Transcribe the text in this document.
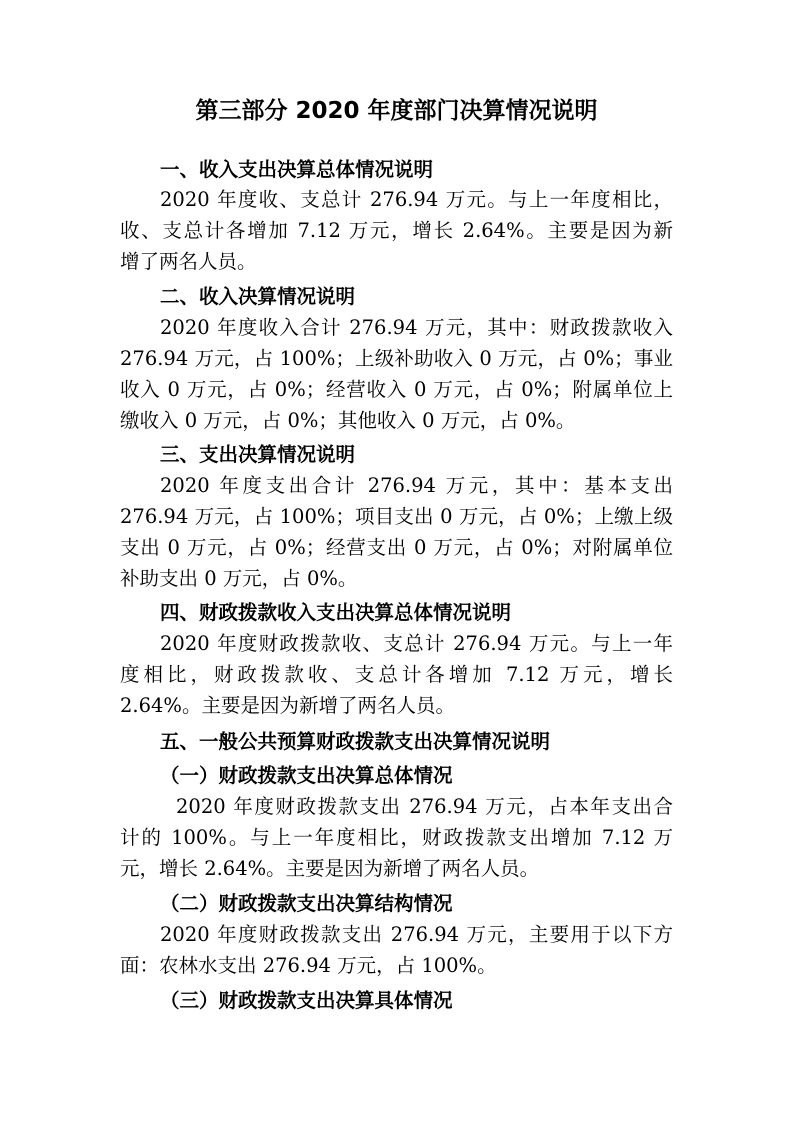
第三部分 2020 年度部门决算情况说明
一、收入支出决算总体情况说明
2020 年度收、支总计 276.94 万元。与上一年度相比，
收、支总计各增加 7.12 万元，增长 2.64%。主要是因为新
增了两名人员。
二、收入决算情况说明
2020 年度收入合计 276.94 万元，其中：财政拨款收入
276.94 万元，占 100%；上级补助收入 0 万元，占 0%；事业
收入 0 万元，占 0%；经营收入 0 万元，占 0%；附属单位上
缴收入 0 万元，占 0%；其他收入 0 万元，占 0%。
三、支出决算情况说明
2020 年度支出合计 276.94 万元，其中：基本支出
276.94 万元，占 100%；项目支出 0 万元，占 0%；上缴上级
支出 0 万元，占 0%；经营支出 0 万元，占 0%；对附属单位
补助支出 0 万元，占 0%。
四、财政拨款收入支出决算总体情况说明
2020 年度财政拨款收、支总计 276.94 万元。与上一年
度相比，财政拨款收、支总计各增加 7.12 万元，增长
2.64%。主要是因为新增了两名人员。
五、一般公共预算财政拨款支出决算情况说明
（一）财政拨款支出决算总体情况
2020 年度财政拨款支出 276.94 万元，占本年支出合
计的 100%。与上一年度相比，财政拨款支出增加 7.12 万
元，增长 2.64%。主要是因为新增了两名人员。
（二）财政拨款支出决算结构情况
2020 年度财政拨款支出 276.94 万元，主要用于以下方
面：农林水支出 276.94 万元，占 100%。
（三）财政拨款支出决算具体情况
